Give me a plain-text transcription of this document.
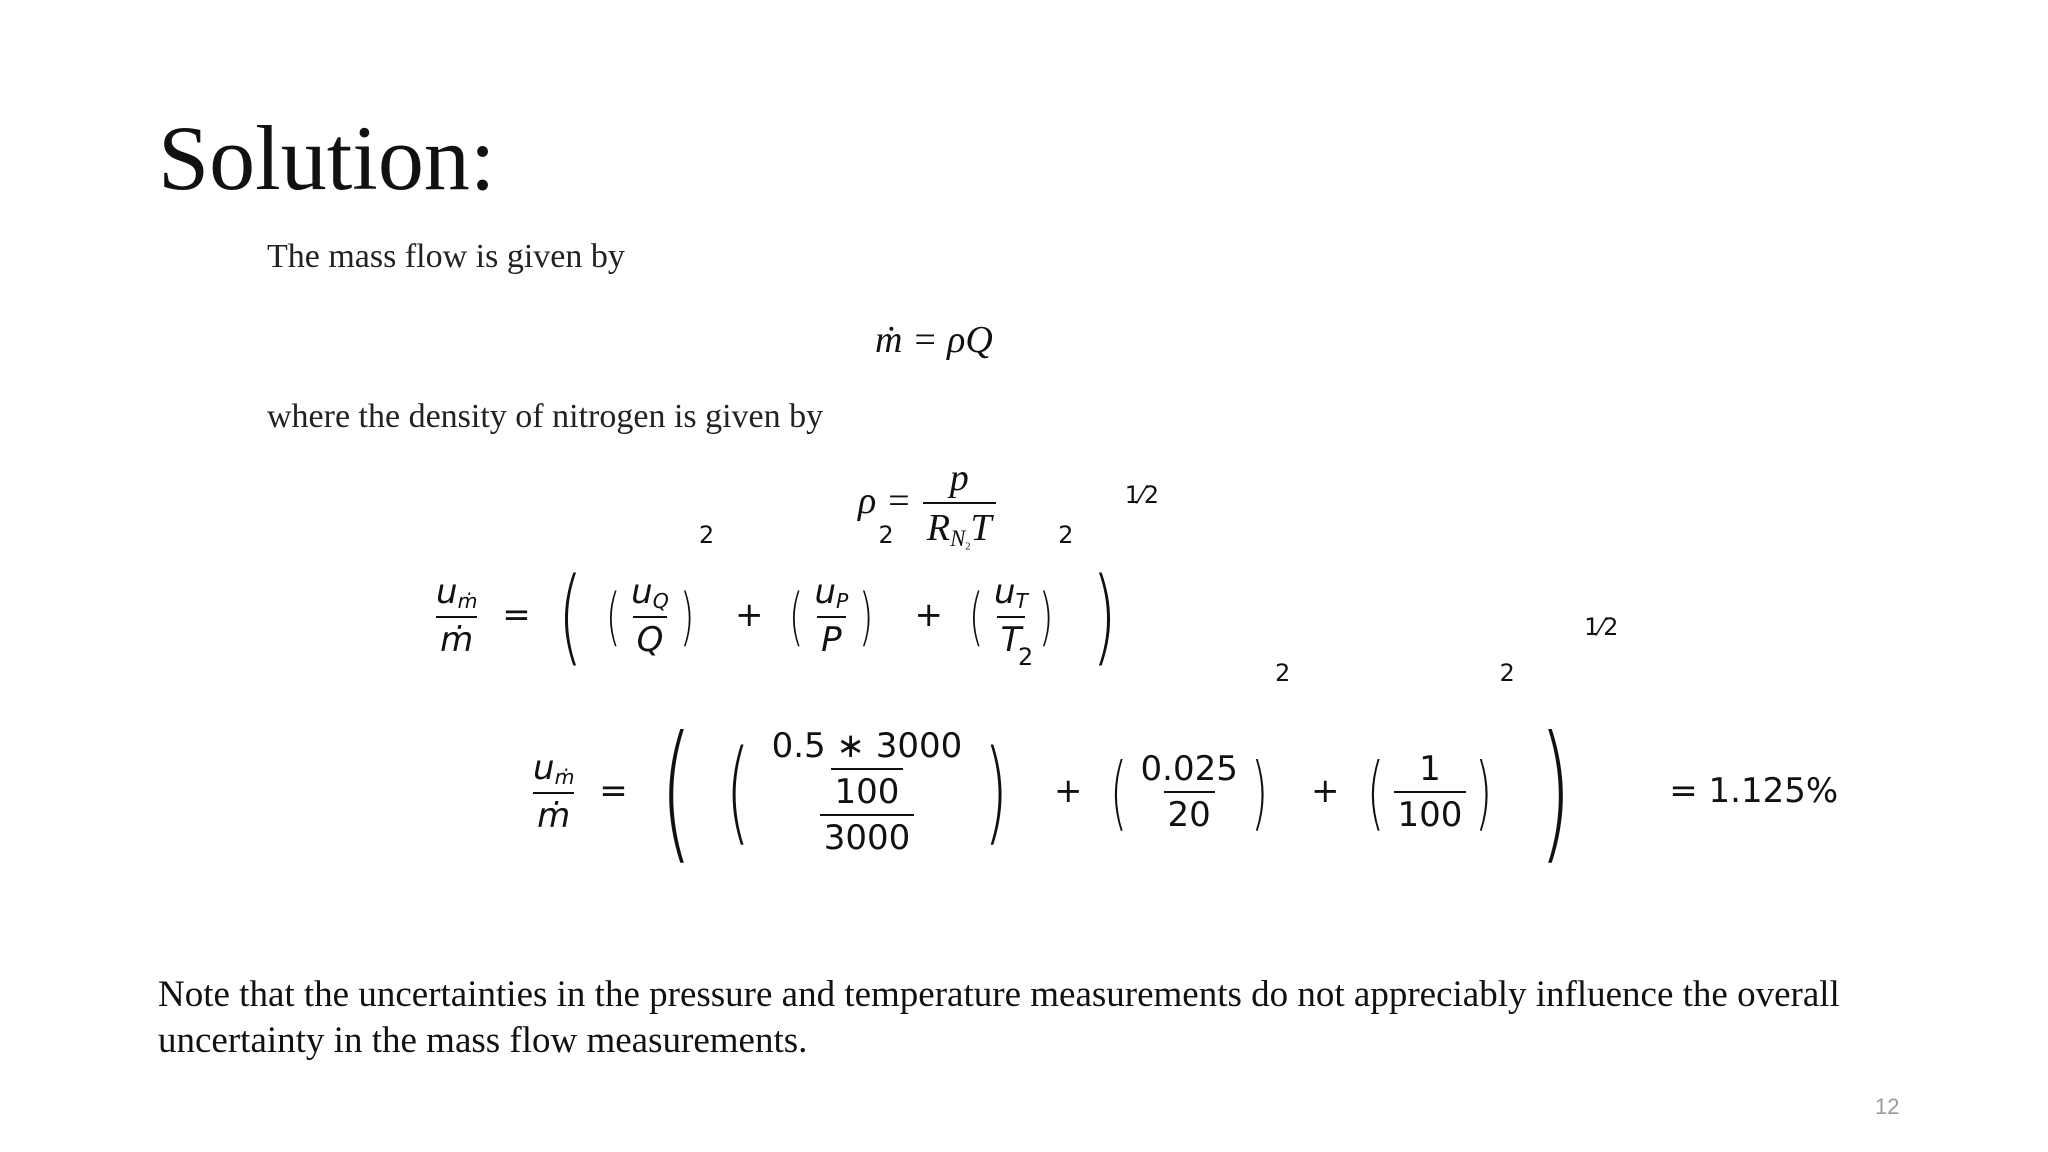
Solution:
The mass flow is given by
ṁ = ρQ
where the density of nitrogen is given by
$\rho = \frac{p}{R_{N2}T}$
$\frac{u_ṁ}{\text{ṁ}}$ = ( ( $\frac{u_Q}{Q} )^2$ + ( $\frac{u_P}{P} )^2$ + ( $\frac{u_T}{T} )^2$ )$^{1⁄2}$
$\frac{u_ṁ}{\text{ṁ}}$ = ( ( $\frac{\frac{0.5 ∗ 3000}{100}}{3000} )^2$ + ( $\frac{0.025}{20} )^2$ + ( $\frac{1}{100} )^2$ )$^{1⁄2}$ = 1.125%
Note that the uncertainties in the pressure and temperature measurements do not appreciably influence the overall uncertainty in the mass flow measurements.
12
